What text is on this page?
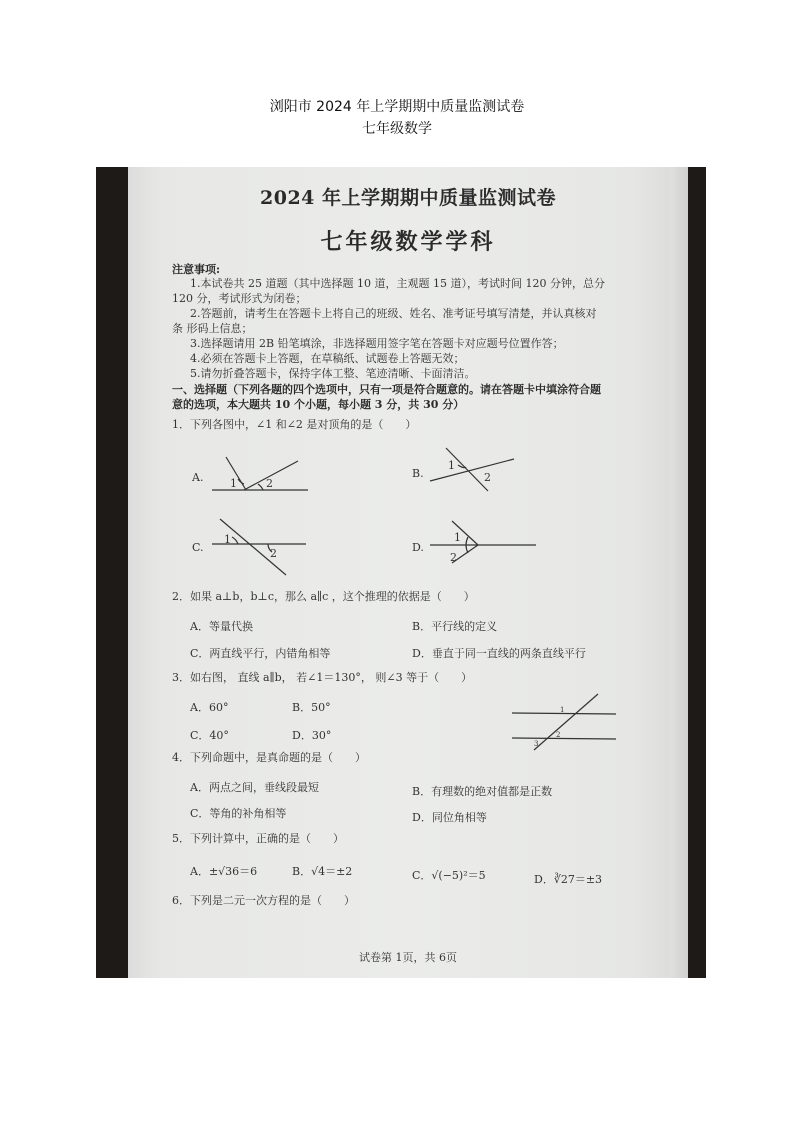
浏阳市 2024 年上学期期中质量监测试卷
七年级数学
2024 年上学期期中质量监测试卷
七年级数学学科
注意事项:
1.本试卷共 25 道题（其中选择题 10 道，主观题 15 道），考试时间 120 分钟，总分
120 分，考试形式为闭卷；
2.答题前，请考生在答题卡上将自己的班级、姓名、准考证号填写清楚，并认真核对
条 形码上信息；
3.选择题请用 2B 铅笔填涂，非选择题用签字笔在答题卡对应题号位置作答；
4.必须在答题卡上答题，在草稿纸、试题卷上答题无效；
5.请勿折叠答题卡，保持字体工整、笔迹清晰、卡面清洁。
一、选择题（下列各题的四个选项中，只有一项是符合题意的。请在答题卡中填涂符合题
意的选项，本大题共 10 个小题，每小题 3 分，共 30 分）
1．下列各图中，∠1 和∠2 是对顶角的是（　　）
A. 1	2
B.
1
2
C.
1
2	D.
1
2
2．如果 a⊥b，b⊥c，那么 a∥c ，这个推理的依据是（　　）
A．等量代换	B．平行线的定义
C．两直线平行，内错角相等	D．垂直于同一直线的两条直线平行
3．如右图， 直线 a∥b， 若∠1＝130°， 则∠3 等于（　　）
A．60°	B．50°
C．40°	D．30°
1
2
3
4．下列命题中，是真命题的是（　　）
A．两点之间，垂线段最短	B．有理数的绝对值都是正数
C．等角的补角相等	D．同位角相等
5．下列计算中，正确的是（　　）
A．±√36＝6	B．√4＝±2	C．√(−5)²＝5	D．∛27＝±3
6．下列是二元一次方程的是（　　）
试卷第 1页，共 6页
